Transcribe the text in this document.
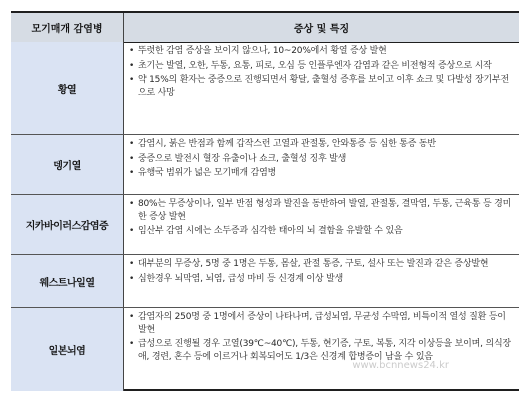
모기매개 감염병	증상 및 특징
황열
• 뚜렷한 감염 증상을 보이지 않으나, 10~20%에서 황열 증상 발현
• 초기는 발열, 오한, 두통, 요통, 피로, 오심 등 인플루엔자 감염과 같은 비전형적 증상으로 시작
• 약 15%의 환자는 중증으로 진행되면서 황달, 출혈성 증후를 보이고 이후 쇼크 및 다발성 장기부전으로 사망
뎅기열
• 감염시, 붉은 반점과 함께 갑작스런 고열과 관절통, 안와통증 등 심한 통증 동반
• 중증으로 발전시 혈장 유출이나 쇼크, 출혈성 징후 발생
• 유행국 범위가 넓은 모기매개 감염병
지카바이러스감염증
• 80%는 무증상이나, 일부 반점 형성과 발진을 동반하여 발열, 관절통, 결막염, 두통, 근육통 등 경미한 증상 발현
• 임산부 감염 시에는 소두증과 심각한 태아의 뇌 결함을 유발할 수 있음
웨스트나일열
• 대부분의 무증상, 5명 중 1명은 두통, 몸살, 관절 통증, 구토, 설사 또는 발진과 같은 증상발현
• 심한경우 뇌막염, 뇌염, 급성 마비 등 신경계 이상 발생
일본뇌염
• 감염자의 250명 중 1명에서 증상이 나타나며, 급성뇌염, 무균성 수막염, 비특이적 열성 질환 등이 발현
• 급성으로 진행될 경우 고열(39℃~40℃), 두통, 현기증, 구토, 복통, 지각 이상등을 보이며, 의식장애, 경련, 혼수 등에 이르거나 회복되어도 1/3은 신경계 합병증이 남을 수 있음
www.bcnnews24.kr
